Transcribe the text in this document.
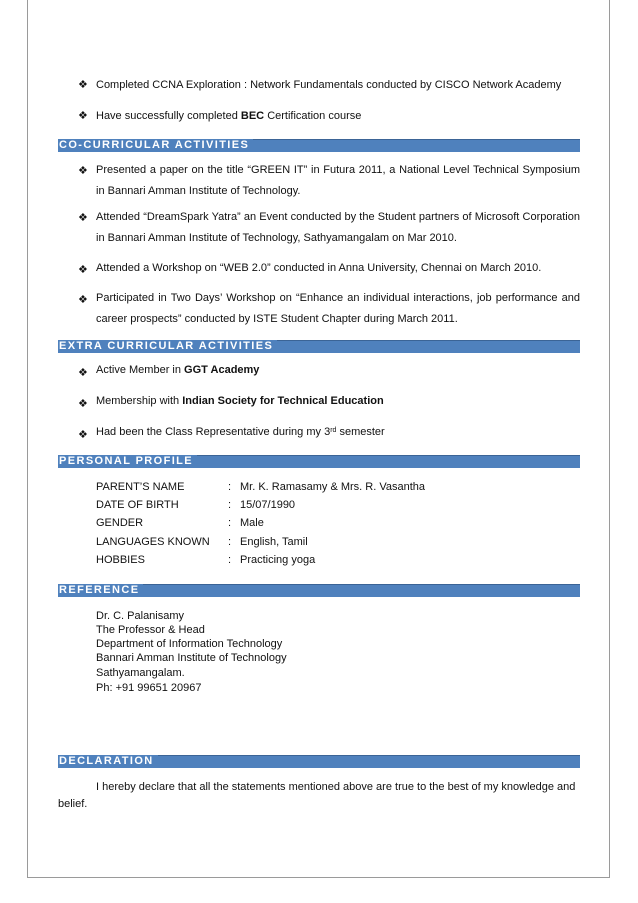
❖ Completed CCNA Exploration : Network Fundamentals conducted by CISCO Network Academy
❖ Have successfully completed BEC Certification course
CO-CURRICULAR ACTIVITIES
❖ Presented a paper on the title “GREEN IT” in Futura 2011, a National Level Technical Symposium in Bannari Amman Institute of Technology.
❖ Attended “DreamSpark Yatra” an Event conducted by the Student partners of Microsoft Corporation in Bannari Amman Institute of Technology, Sathyamangalam on Mar 2010.
❖ Attended a Workshop on “WEB 2.0” conducted in Anna University, Chennai on March 2010.
❖ Participated in Two Days’ Workshop on “Enhance an individual interactions, job performance and career prospects” conducted by ISTE Student Chapter during March 2011.
EXTRA CURRICULAR ACTIVITIES
❖ Active Member in GGT Academy
❖ Membership with Indian Society for Technical Education
❖ Had been the Class Representative during my 3rd semester
PERSONAL PROFILE
PARENT’S NAME	: Mr. K. Ramasamy & Mrs. R. Vasantha
DATE OF BIRTH	: 15/07/1990
GENDER	: Male
LANGUAGES KNOWN : English, Tamil
HOBBIES	: Practicing yoga
REFERENCE
Dr. C. Palanisamy
The Professor & Head
Department of Information Technology
Bannari Amman Institute of Technology
Sathyamangalam.
Ph: +91 99651 20967
DECLARATION
I hereby declare that all the statements mentioned above are true to the best of my knowledge and
belief.
